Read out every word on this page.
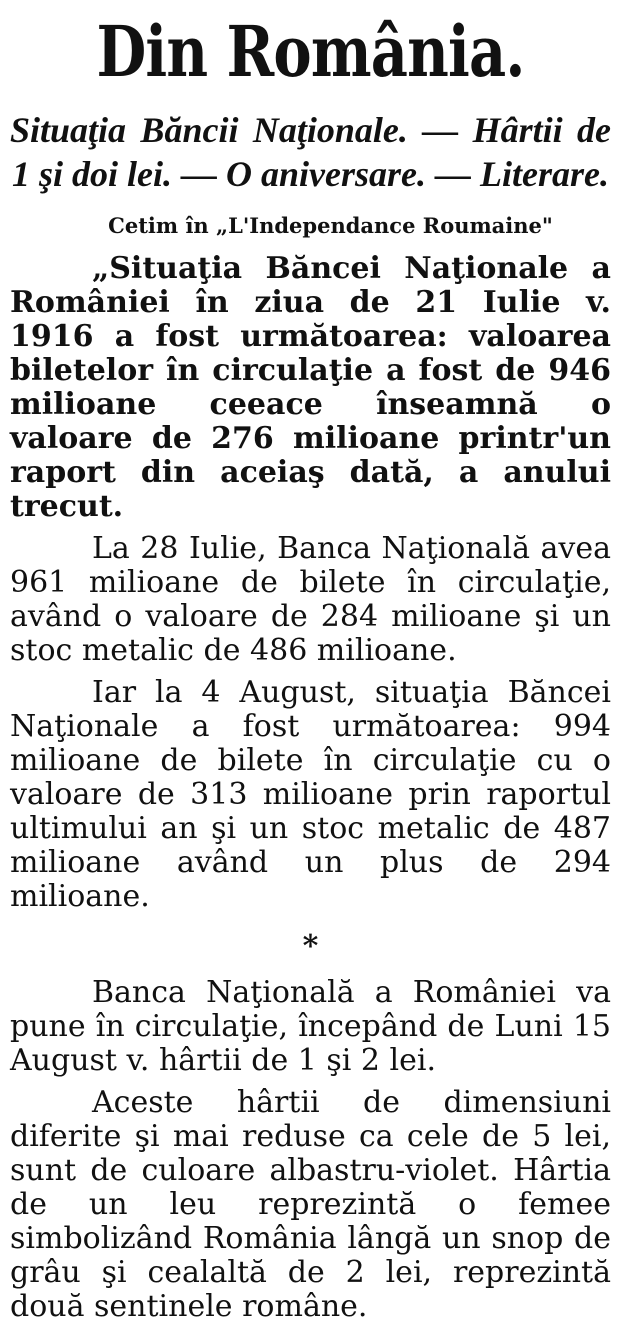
Din România.

Situaţia Băncii Naţionale. — Hârtii de 1 şi doi lei. — O aniversare. — Literare.

Cetim în „L'Independance Roumaine"

„Situaţia Băncei Naţionale a României în ziua de 21 Iulie v. 1916 a fost următoarea: valoarea biletelor în circulaţie a fost de 946 milioane ceeace înseamnă o valoare de 276 milioane printr'un raport din aceiaş dată, a anului trecut.

La 28 Iulie, Banca Naţională avea 961 milioane de bilete în circulaţie, având o valoare de 284 milioane şi un stoc metalic de 486 milioane.

Iar la 4 August, situaţia Băncei Naţionale a fost următoarea: 994 milioane de bilete în circulaţie cu o valoare de 313 milioane prin raportul ultimului an şi un stoc metalic de 487 milioane având un plus de 294 milioane.

*

Banca Naţională a României va pune în circulaţie, începând de Luni 15 August v. hârtii de 1 şi 2 lei.

Aceste hârtii de dimensiuni diferite şi mai reduse ca cele de 5 lei, sunt de culoare albastru-violet. Hârtia de un leu reprezintă o femee simbolizând România lângă un snop de grâu şi cealaltă de 2 lei, reprezintă două sentinele române.
